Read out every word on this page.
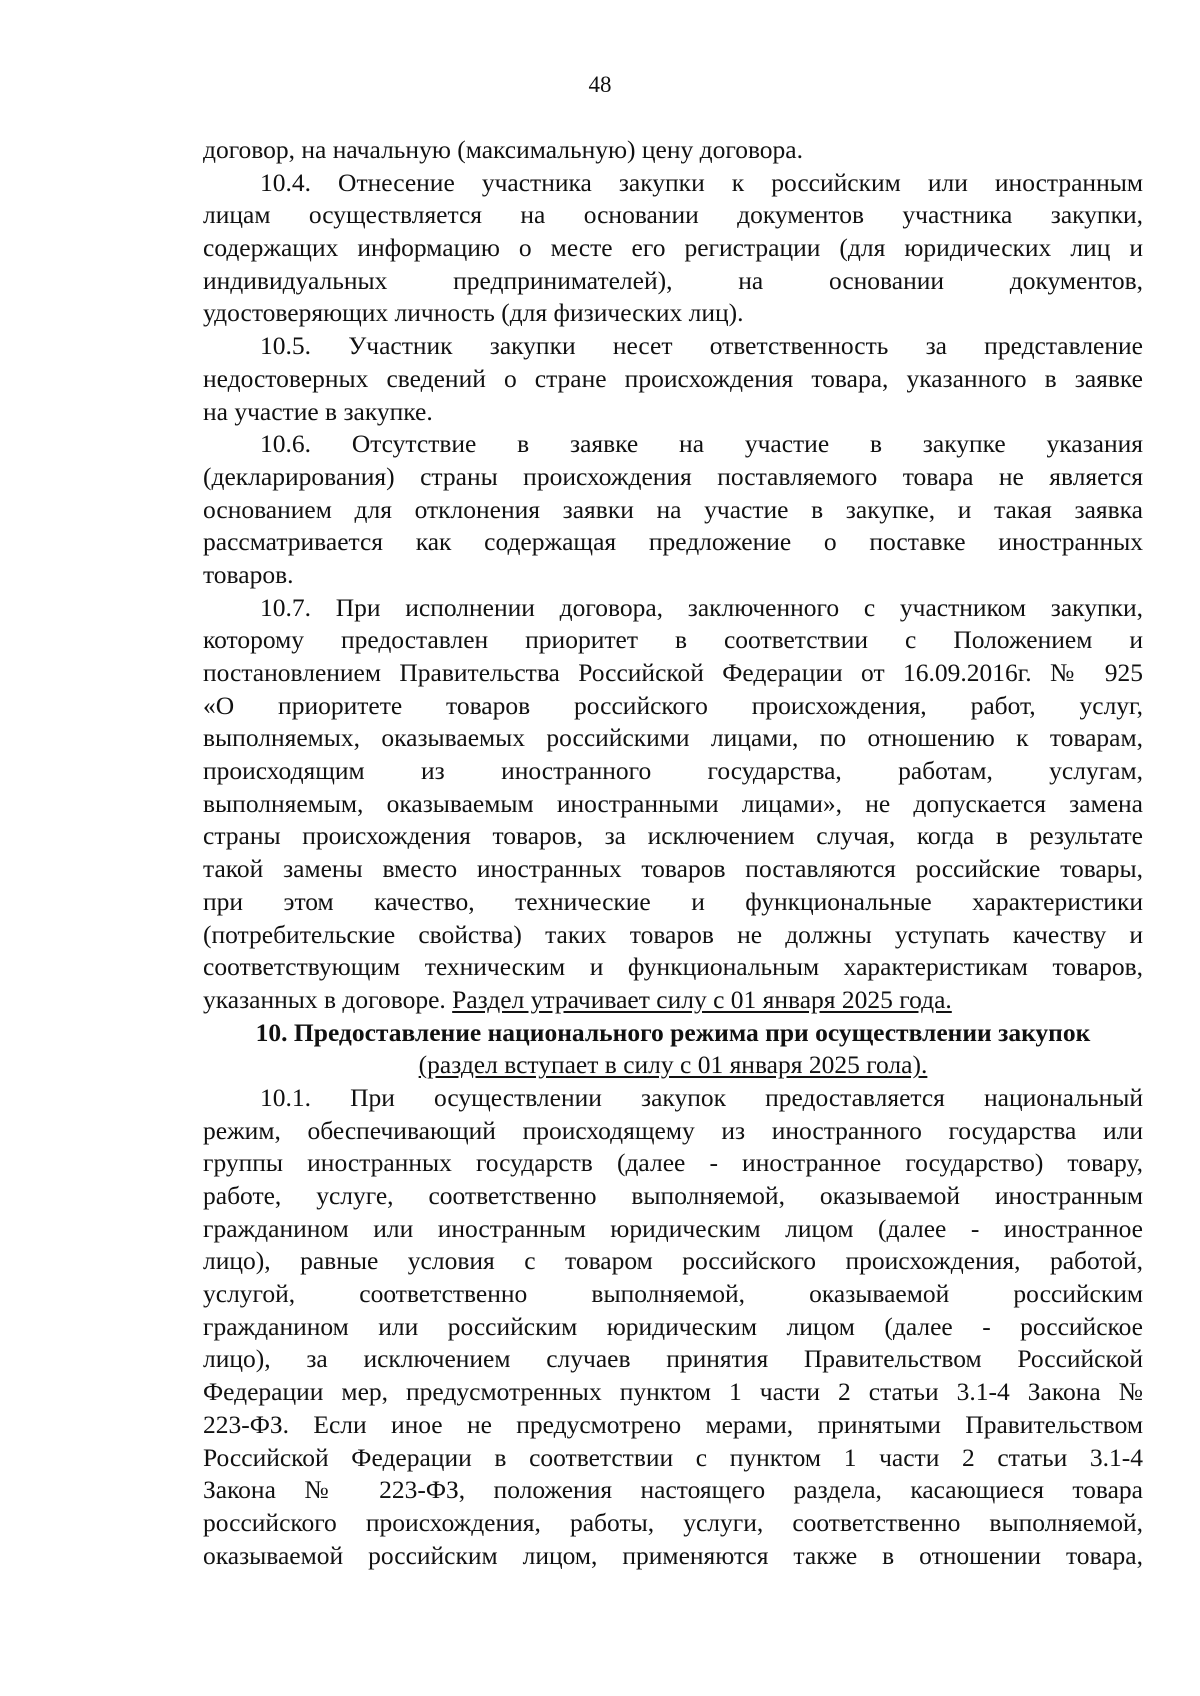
48
договор, на начальную (максимальную) цену договора.
10.4. Отнесение участника закупки к российским или иностранным
лицам осуществляется на основании документов участника закупки,
содержащих информацию о месте его регистрации (для юридических лиц и
индивидуальных предпринимателей), на основании документов,
удостоверяющих личность (для физических лиц).
10.5. Участник закупки несет ответственность за представление
недостоверных сведений о стране происхождения товара, указанного в заявке
на участие в закупке.
10.6. Отсутствие в заявке на участие в закупке указания
(декларирования) страны происхождения поставляемого товара не является
основанием для отклонения заявки на участие в закупке, и такая заявка
рассматривается как содержащая предложение о поставке иностранных
товаров.
10.7. При исполнении договора, заключенного с участником закупки,
которому предоставлен приоритет в соответствии с Положением и
постановлением Правительства Российской Федерации от 16.09.2016г. № 925
«О приоритете товаров российского происхождения, работ, услуг,
выполняемых, оказываемых российскими лицами, по отношению к товарам,
происходящим из иностранного государства, работам, услугам,
выполняемым, оказываемым иностранными лицами», не допускается замена
страны происхождения товаров, за исключением случая, когда в результате
такой замены вместо иностранных товаров поставляются российские товары,
при этом качество, технические и функциональные характеристики
(потребительские свойства) таких товаров не должны уступать качеству и
соответствующим техническим и функциональным характеристикам товаров,
указанных в договоре. Раздел утрачивает силу с 01 января 2025 года.
10. Предоставление национального режима при осуществлении закупок
(раздел вступает в силу с 01 января 2025 гола).
10.1. При осуществлении закупок предоставляется национальный
режим, обеспечивающий происходящему из иностранного государства или
группы иностранных государств (далее - иностранное государство) товару,
работе, услуге, соответственно выполняемой, оказываемой иностранным
гражданином или иностранным юридическим лицом (далее - иностранное
лицо), равные условия с товаром российского происхождения, работой,
услугой, соответственно выполняемой, оказываемой российским
гражданином или российским юридическим лицом (далее - российское
лицо), за исключением случаев принятия Правительством Российской
Федерации мер, предусмотренных пунктом 1 части 2 статьи 3.1-4 Закона №
223-ФЗ. Если иное не предусмотрено мерами, принятыми Правительством
Российской Федерации в соответствии с пунктом 1 части 2 статьи 3.1-4
Закона № 223-ФЗ, положения настоящего раздела, касающиеся товара
российского происхождения, работы, услуги, соответственно выполняемой,
оказываемой российским лицом, применяются также в отношении товара,
